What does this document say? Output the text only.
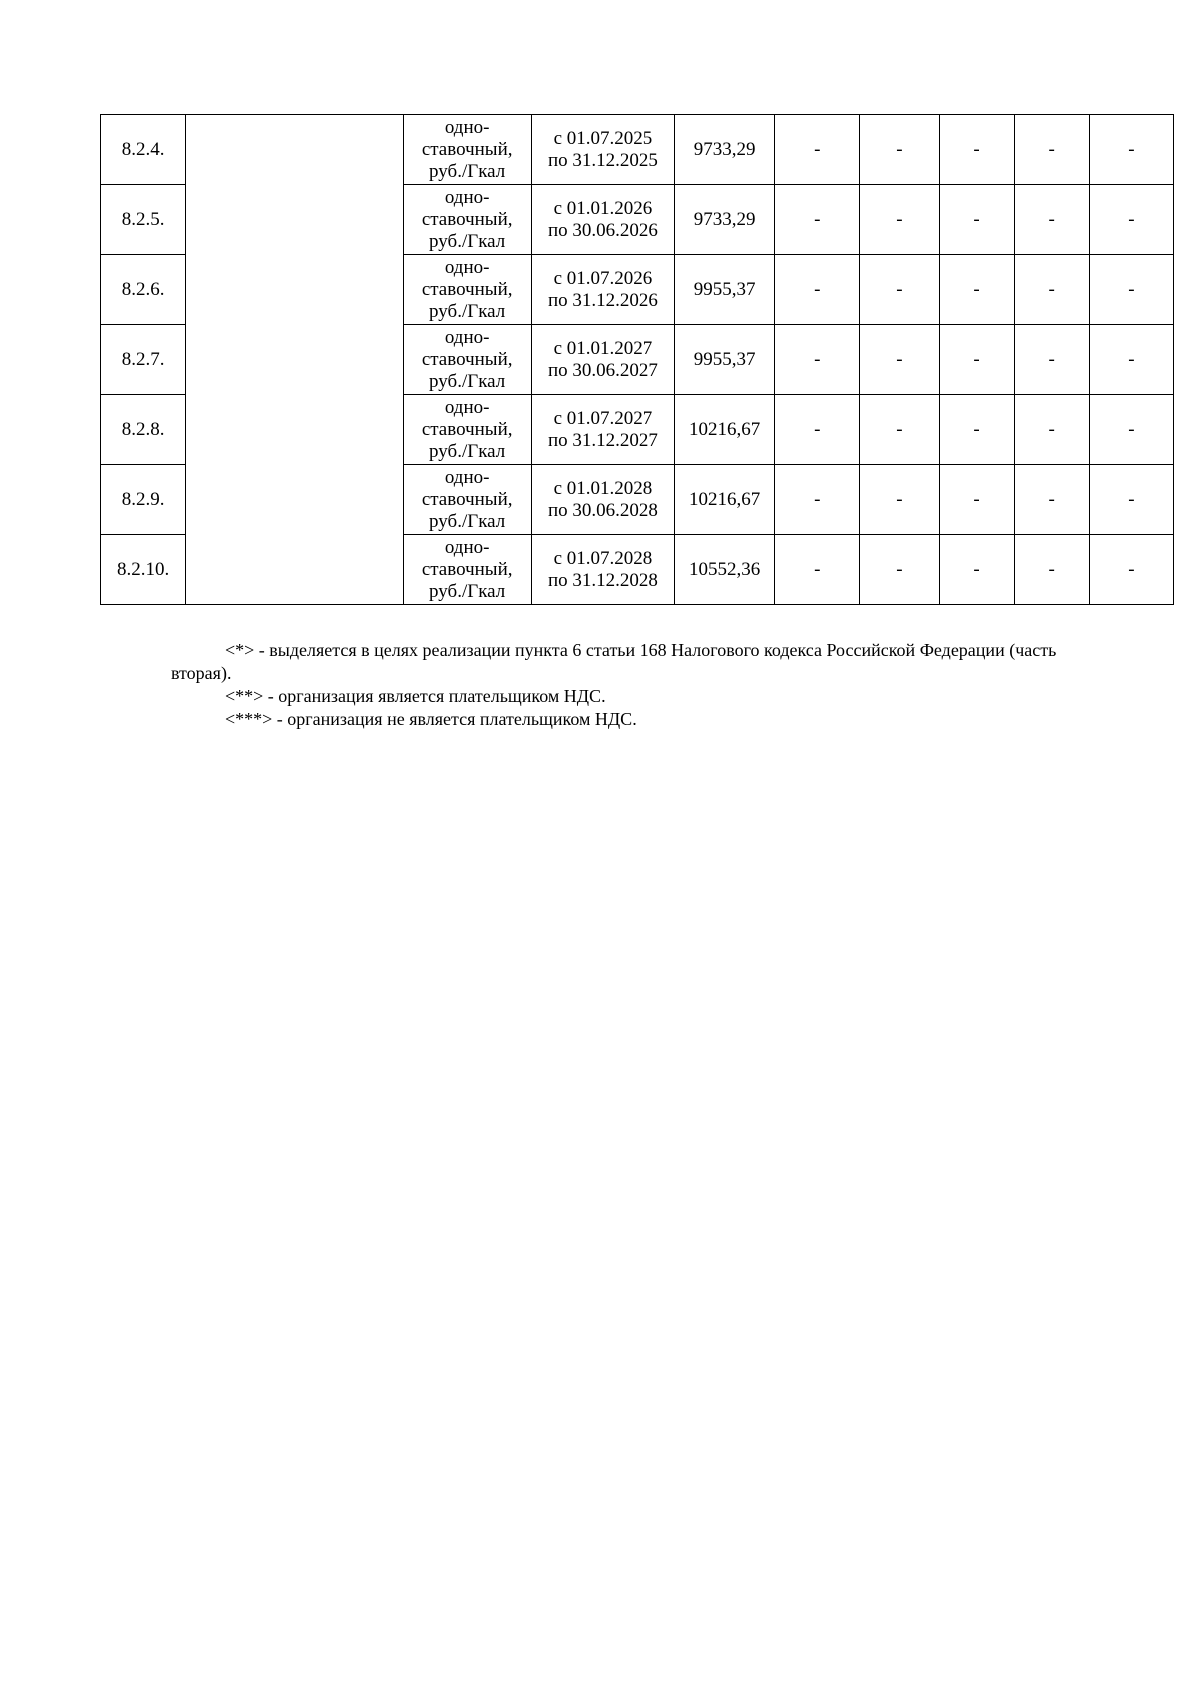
8.2.4.		одно-
ставочный,
руб./Гкал	с 01.07.2025
по 31.12.2025	9733,29	-	-	-	-	-
8.2.5.		одно-
ставочный,
руб./Гкал	с 01.01.2026
по 30.06.2026	9733,29	-	-	-	-	-
8.2.6.		одно-
ставочный,
руб./Гкал	с 01.07.2026
по 31.12.2026	9955,37	-	-	-	-	-
8.2.7.		одно-
ставочный,
руб./Гкал	с 01.01.2027
по 30.06.2027	9955,37	-	-	-	-	-
8.2.8.		одно-
ставочный,
руб./Гкал	с 01.07.2027
по 31.12.2027	10216,67	-	-	-	-	-
8.2.9.		одно-
ставочный,
руб./Гкал	с 01.01.2028
по 30.06.2028	10216,67	-	-	-	-	-
8.2.10.		одно-
ставочный,
руб./Гкал	с 01.07.2028
по 31.12.2028	10552,36	-	-	-	-	-

<*> - выделяется в целях реализации пункта 6 статьи 168 Налогового кодекса Российской Федерации (часть вторая).

<**> - организация является плательщиком НДС.

<***> - организация не является плательщиком НДС.
